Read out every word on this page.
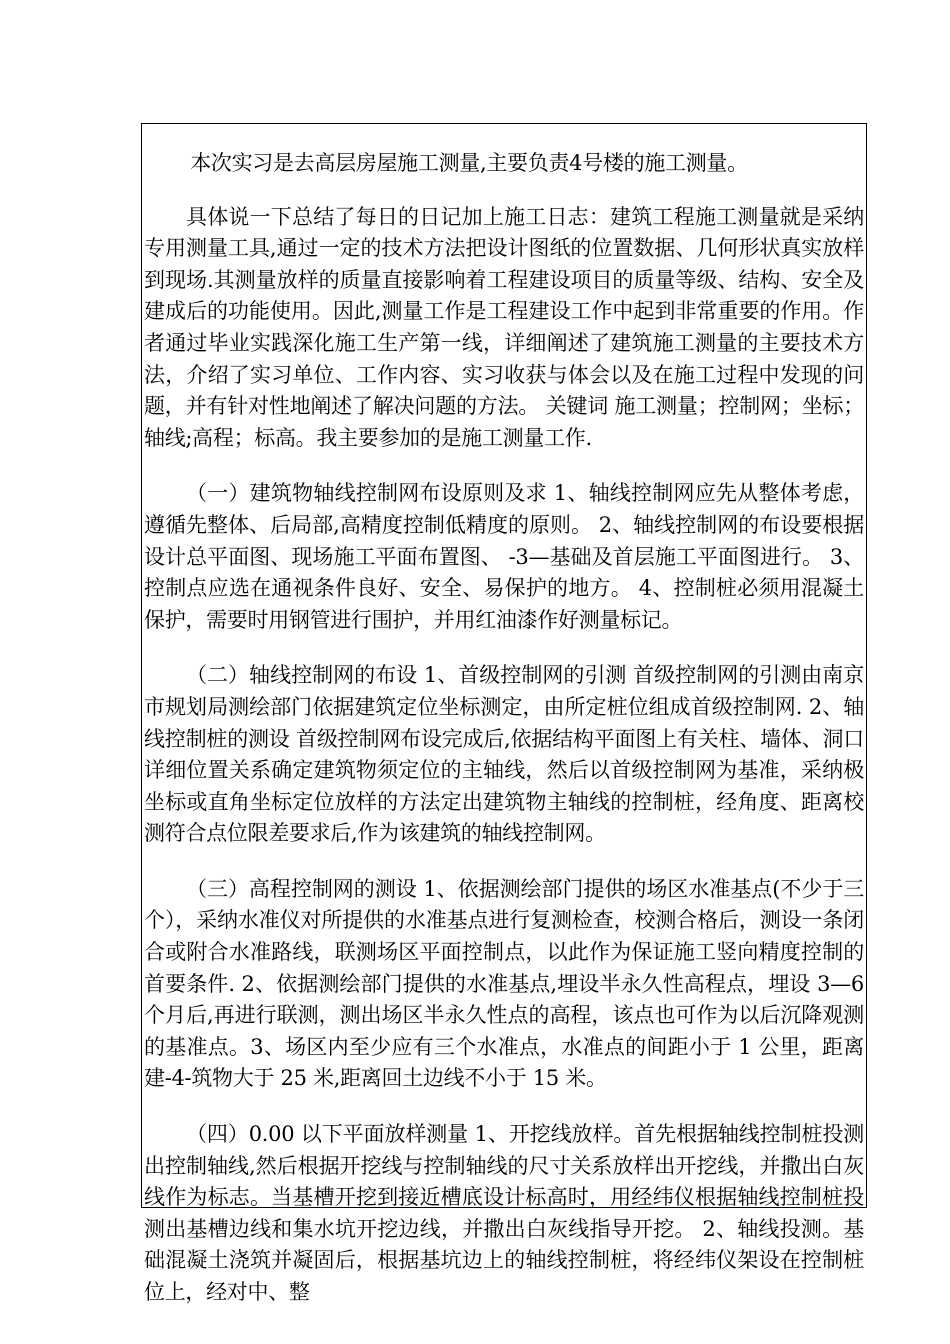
本次实习是去高层房屋施工测量,主要负责4号楼的施工测量。

具体说一下总结了每日的日记加上施工日志：建筑工程施工测量就是采纳专用测量工具,通过一定的技术方法把设计图纸的位置数据、几何形状真实放样到现场.其测量放样的质量直接影响着工程建设项目的质量等级、结构、安全及建成后的功能使用。因此,测量工作是工程建设工作中起到非常重要的作用。作者通过毕业实践深化施工生产第一线，详细阐述了建筑施工测量的主要技术方法，介绍了实习单位、工作内容、实习收获与体会以及在施工过程中发现的问题，并有针对性地阐述了解决问题的方法。 关键词 施工测量；控制网；坐标；轴线;高程；标高。我主要参加的是施工测量工作.

（一）建筑物轴线控制网布设原则及求 1、轴线控制网应先从整体考虑，遵循先整体、后局部,高精度控制低精度的原则。 2、轴线控制网的布设要根据设计总平面图、现场施工平面布置图、 -3—基础及首层施工平面图进行。 3、控制点应选在通视条件良好、安全、易保护的地方。 4、控制桩必须用混凝土保护，需要时用钢管进行围护，并用红油漆作好测量标记。

（二）轴线控制网的布设 1、首级控制网的引测 首级控制网的引测由南京市规划局测绘部门依据建筑定位坐标测定，由所定桩位组成首级控制网. 2、轴线控制桩的测设 首级控制网布设完成后,依据结构平面图上有关柱、墙体、洞口详细位置关系确定建筑物须定位的主轴线，然后以首级控制网为基准，采纳极坐标或直角坐标定位放样的方法定出建筑物主轴线的控制桩，经角度、距离校测符合点位限差要求后,作为该建筑的轴线控制网。

（三）高程控制网的测设 1、依据测绘部门提供的场区水准基点(不少于三个），采纳水准仪对所提供的水准基点进行复测检查，校测合格后，测设一条闭合或附合水准路线，联测场区平面控制点，以此作为保证施工竖向精度控制的首要条件. 2、依据测绘部门提供的水准基点,埋设半永久性高程点，埋设 3—6个月后,再进行联测，测出场区半永久性点的高程，该点也可作为以后沉降观测的基准点。3、场区内至少应有三个水准点，水准点的间距小于 1 公里，距离建-4-筑物大于 25 米,距离回土边线不小于 15 米。

（四）0.00 以下平面放样测量 1、开挖线放样。首先根据轴线控制桩投测出控制轴线,然后根据开挖线与控制轴线的尺寸关系放样出开挖线，并撒出白灰线作为标志。当基槽开挖到接近槽底设计标高时，用经纬仪根据轴线控制桩投测出基槽边线和集水坑开挖边线，并撒出白灰线指导开挖。 2、轴线投测。基础混凝土浇筑并凝固后，根据基坑边上的轴线控制桩，将经纬仪架设在控制桩位上，经对中、整
